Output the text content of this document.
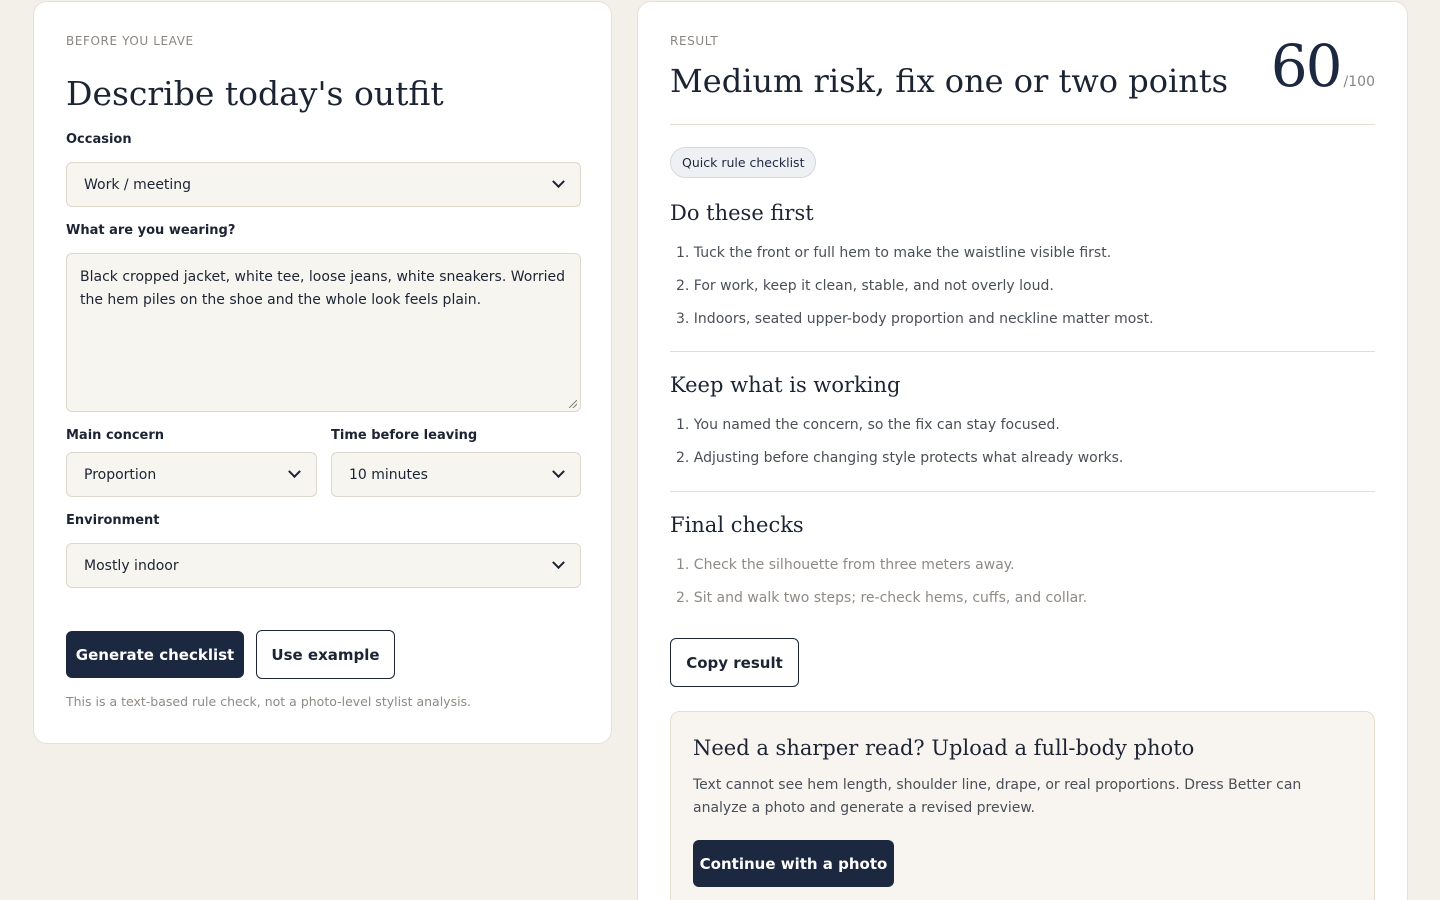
BEFORE YOU LEAVE
Describe today's outfit
Occasion
Work / meeting
What are you wearing?
Black cropped jacket, white tee, loose jeans, white sneakers. Worried the hem piles on the shoe and the whole look feels plain.
Main concern
Proportion
Time before leaving
10 minutes
Environment
Mostly indoor
Generate checklist	Use example
This is a text-based rule check, not a photo-level stylist analysis.
RESULT
Medium risk, fix one or two points 60 /100
Quick rule checklist
Do these first
1. Tuck the front or full hem to make the waistline visible first.
2. For work, keep it clean, stable, and not overly loud.
3. Indoors, seated upper-body proportion and neckline matter most.
Keep what is working
1. You named the concern, so the fix can stay focused.
2. Adjusting before changing style protects what already works.
Final checks
1. Check the silhouette from three meters away.
2. Sit and walk two steps; re-check hems, cuffs, and collar.
Copy result
Need a sharper read? Upload a full-body photo
Text cannot see hem length, shoulder line, drape, or real proportions. Dress Better can analyze a photo and generate a revised preview.
Continue with a photo
